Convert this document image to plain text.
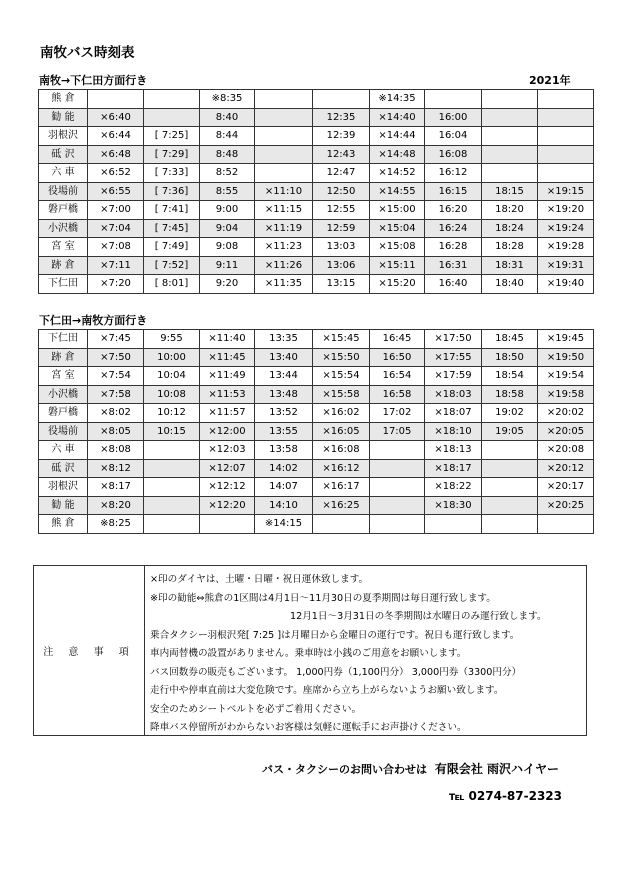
南牧バス時刻表
南牧→下仁田方面行き	2021年
熊 倉			※8:35			※14:35			
勧 能	×6:40		8:40		12:35	×14:40	16:00		
羽根沢	×6:44	[ 7:25]	8:44		12:39	×14:44	16:04		
砥 沢	×6:48	[ 7:29]	8:48		12:43	×14:48	16:08		
六 車	×6:52	[ 7:33]	8:52		12:47	×14:52	16:12		
役場前	×6:55	[ 7:36]	8:55	×11:10	12:50	×14:55	16:15	18:15	×19:15
磐戸橋	×7:00	[ 7:41]	9:00	×11:15	12:55	×15:00	16:20	18:20	×19:20
小沢橋	×7:04	[ 7:45]	9:04	×11:19	12:59	×15:04	16:24	18:24	×19:24
宮 室	×7:08	[ 7:49]	9:08	×11:23	13:03	×15:08	16:28	18:28	×19:28
跡 倉	×7:11	[ 7:52]	9:11	×11:26	13:06	×15:11	16:31	18:31	×19:31
下仁田	×7:20	[ 8:01]	9:20	×11:35	13:15	×15:20	16:40	18:40	×19:40
下仁田→南牧方面行き
下仁田	×7:45	9:55	×11:40	13:35	×15:45	16:45	×17:50	18:45	×19:45
跡 倉	×7:50	10:00	×11:45	13:40	×15:50	16:50	×17:55	18:50	×19:50
宮 室	×7:54	10:04	×11:49	13:44	×15:54	16:54	×17:59	18:54	×19:54
小沢橋	×7:58	10:08	×11:53	13:48	×15:58	16:58	×18:03	18:58	×19:58
磐戸橋	×8:02	10:12	×11:57	13:52	×16:02	17:02	×18:07	19:02	×20:02
役場前	×8:05	10:15	×12:00	13:55	×16:05	17:05	×18:10	19:05	×20:05
六 車	×8:08		×12:03	13:58	×16:08		×18:13		×20:08
砥 沢	×8:12		×12:07	14:02	×16:12		×18:17		×20:12
羽根沢	×8:17		×12:12	14:07	×16:17		×18:22		×20:17
勧 能	×8:20		×12:20	14:10	×16:25		×18:30		×20:25
熊 倉	※8:25			※14:15					
注 意 事 項
×印のダイヤは、土曜・日曜・祝日運休致します。
※印の勧能⇔熊倉の1区間は4月1日～11月30日の夏季期間は毎日運行致します。
12月1日～3月31日の冬季期間は水曜日のみ運行致します。
乗合タクシー羽根沢発[ 7:25 ]は月曜日から金曜日の運行です。祝日も運行致します。
車内両替機の設置がありません。乗車時は小銭のご用意をお願いします。
バス回数券の販売もございます。 1,000円券（1,100円分） 3,000円券（3300円分）
走行中や停車直前は大変危険です。座席から立ち上がらないようお願い致します。
安全のためシートベルトを必ずご着用ください。
降車バス停留所がわからないお客様は気軽に運転手にお声掛けください。
バス・タクシーのお問い合わせは 有限会社 雨沢ハイヤー
℡ 0274-87-2323
